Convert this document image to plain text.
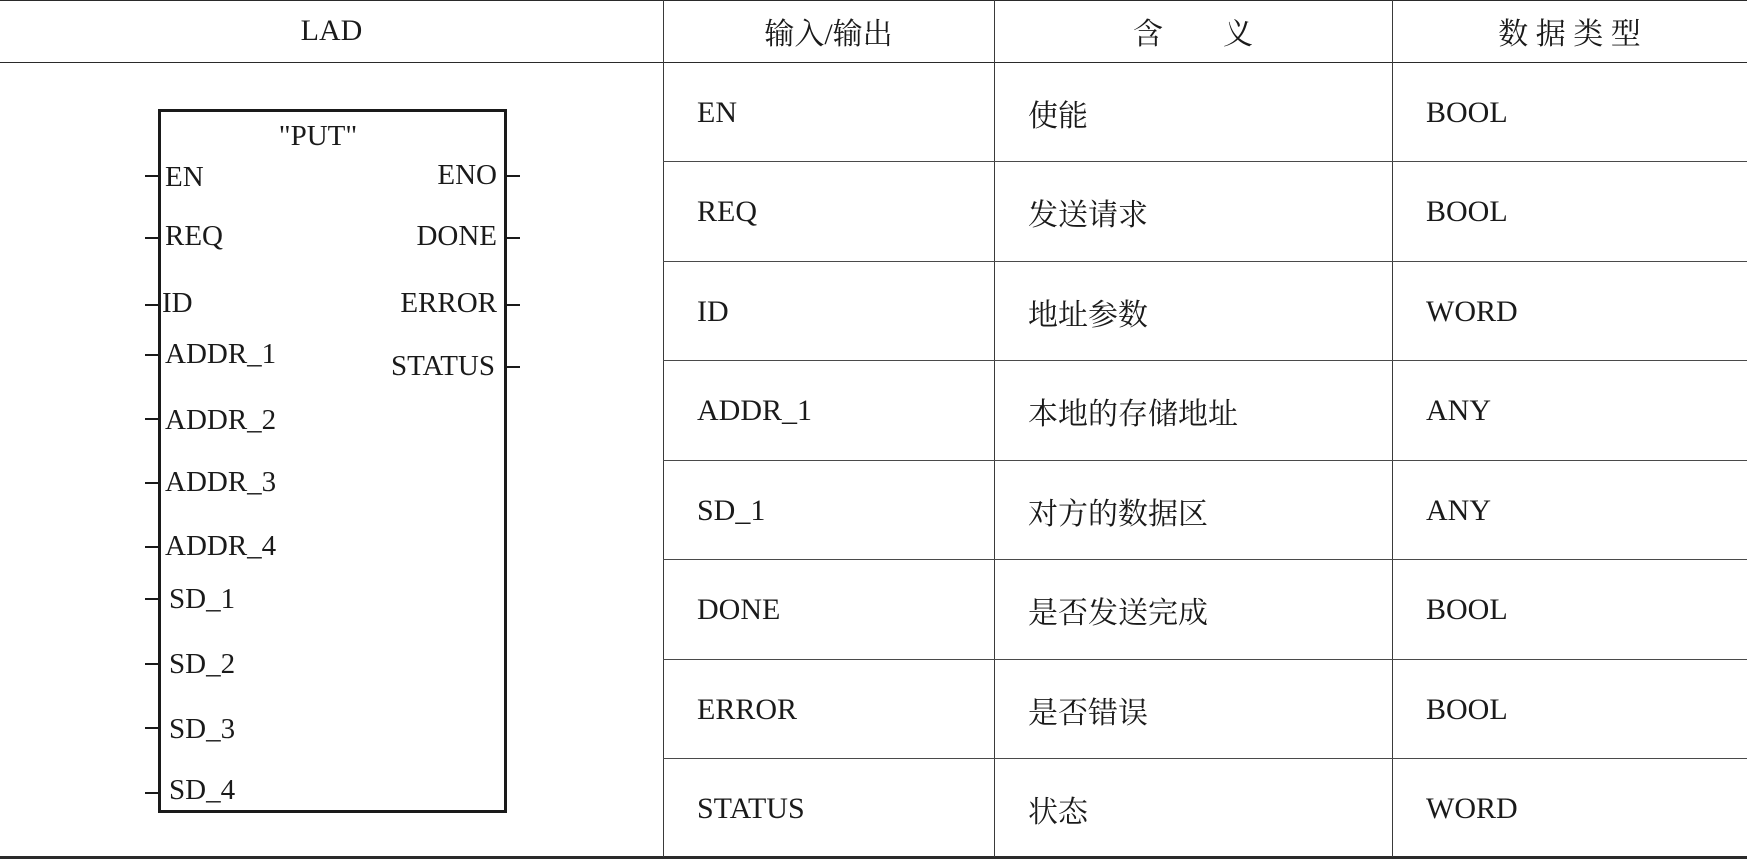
LAD	输入/输出	含　　义	数 据 类 型
EN	使能	BOOL
REQ	发送请求	BOOL
ID	地址参数	WORD
ADDR_1	本地的存储地址	ANY
SD_1	对方的数据区	ANY
DONE	是否发送完成	BOOL
ERROR	是否错误	BOOL
STATUS	状态	WORD
"PUT"
EN
REQ
ID
ADDR_1
ADDR_2
ADDR_3
ADDR_4
SD_1
SD_2
SD_3
SD_4
ENO
DONE
ERROR
STATUS
